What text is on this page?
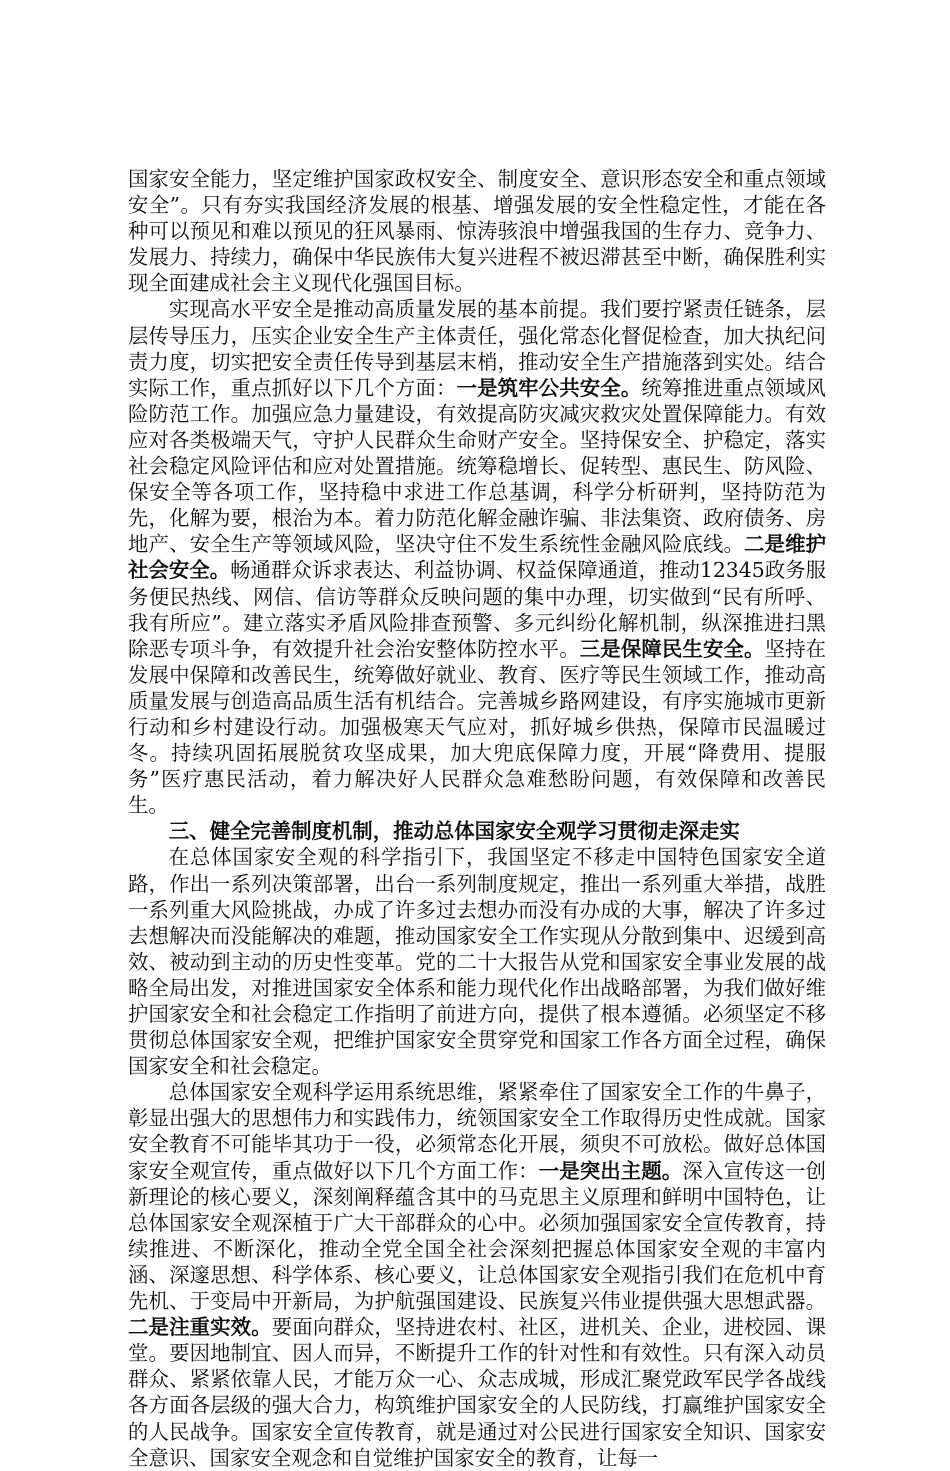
国家安全能力，坚定维护国家政权安全、制度安全、意识形态安全和重点领域安全”。只有夯实我国经济发展的根基、增强发展的安全性稳定性，才能在各种可以预见和难以预见的狂风暴雨、惊涛骇浪中增强我国的生存力、竞争力、发展力、持续力，确保中华民族伟大复兴进程不被迟滞甚至中断，确保胜利实现全面建成社会主义现代化强国目标。

实现高水平安全是推动高质量发展的基本前提。我们要拧紧责任链条，层层传导压力，压实企业安全生产主体责任，强化常态化督促检查，加大执纪问责力度，切实把安全责任传导到基层末梢，推动安全生产措施落到实处。结合实际工作，重点抓好以下几个方面：一是筑牢公共安全。统筹推进重点领域风险防范工作。加强应急力量建设，有效提高防灾减灾救灾处置保障能力。有效应对各类极端天气，守护人民群众生命财产安全。坚持保安全、护稳定，落实社会稳定风险评估和应对处置措施。统筹稳增长、促转型、惠民生、防风险、保安全等各项工作，坚持稳中求进工作总基调，科学分析研判，坚持防范为先，化解为要，根治为本。着力防范化解金融诈骗、非法集资、政府债务、房地产、安全生产等领域风险，坚决守住不发生系统性金融风险底线。二是维护社会安全。畅通群众诉求表达、利益协调、权益保障通道，推动12345政务服务便民热线、网信、信访等群众反映问题的集中办理，切实做到“民有所呼、我有所应”。建立落实矛盾风险排查预警、多元纠纷化解机制，纵深推进扫黑除恶专项斗争，有效提升社会治安整体防控水平。三是保障民生安全。坚持在发展中保障和改善民生，统筹做好就业、教育、医疗等民生领域工作，推动高质量发展与创造高品质生活有机结合。完善城乡路网建设，有序实施城市更新行动和乡村建设行动。加强极寒天气应对，抓好城乡供热，保障市民温暖过冬。持续巩固拓展脱贫攻坚成果，加大兜底保障力度，开展“降费用、提服务”医疗惠民活动，着力解决好人民群众急难愁盼问题，有效保障和改善民生。

三、健全完善制度机制，推动总体国家安全观学习贯彻走深走实

在总体国家安全观的科学指引下，我国坚定不移走中国特色国家安全道路，作出一系列决策部署，出台一系列制度规定，推出一系列重大举措，战胜一系列重大风险挑战，办成了许多过去想办而没有办成的大事，解决了许多过去想解决而没能解决的难题，推动国家安全工作实现从分散到集中、迟缓到高效、被动到主动的历史性变革。党的二十大报告从党和国家安全事业发展的战略全局出发，对推进国家安全体系和能力现代化作出战略部署，为我们做好维护国家安全和社会稳定工作指明了前进方向，提供了根本遵循。必须坚定不移贯彻总体国家安全观，把维护国家安全贯穿党和国家工作各方面全过程，确保国家安全和社会稳定。

总体国家安全观科学运用系统思维，紧紧牵住了国家安全工作的牛鼻子，彰显出强大的思想伟力和实践伟力，统领国家安全工作取得历史性成就。国家安全教育不可能毕其功于一役，必须常态化开展，须臾不可放松。做好总体国家安全观宣传，重点做好以下几个方面工作：一是突出主题。深入宣传这一创新理论的核心要义，深刻阐释蕴含其中的马克思主义原理和鲜明中国特色，让总体国家安全观深植于广大干部群众的心中。必须加强国家安全宣传教育，持续推进、不断深化，推动全党全国全社会深刻把握总体国家安全观的丰富内涵、深邃思想、科学体系、核心要义，让总体国家安全观指引我们在危机中育先机、于变局中开新局，为护航强国建设、民族复兴伟业提供强大思想武器。二是注重实效。要面向群众，坚持进农村、社区，进机关、企业，进校园、课堂。要因地制宜、因人而异，不断提升工作的针对性和有效性。只有深入动员群众、紧紧依靠人民，才能万众一心、众志成城，形成汇聚党政军民学各战线各方面各层级的强大合力，构筑维护国家安全的人民防线，打赢维护国家安全的人民战争。国家安全宣传教育，就是通过对公民进行国家安全知识、国家安全意识、国家安全观念和自觉维护国家安全的教育，让每一
